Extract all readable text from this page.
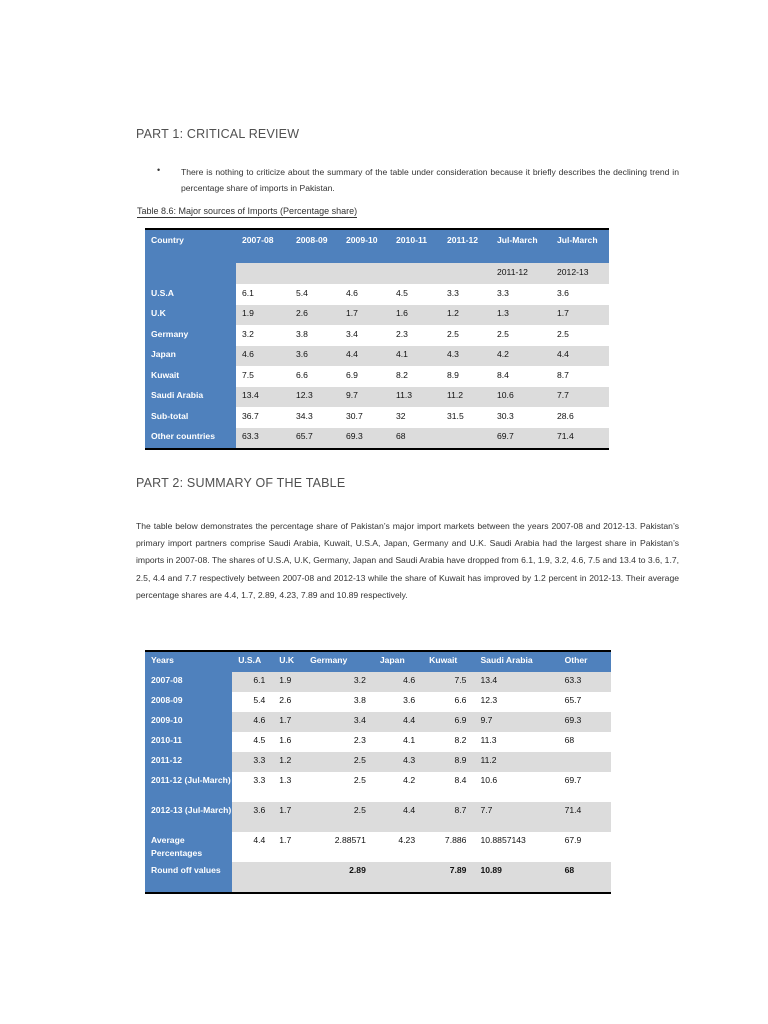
PART 1: CRITICAL REVIEW
• There is nothing to criticize about the summary of the table under consideration because it briefly describes the declining trend in percentage share of imports in Pakistan.
Table 8.6: Major sources of Imports (Percentage share)
Country	2007-08	2008-09	2009-10	2010-11	2011-12	Jul-March	Jul-March
						2011-12	2012-13
U.S.A	6.1	5.4	4.6	4.5	3.3	3.3	3.6
U.K	1.9	2.6	1.7	1.6	1.2	1.3	1.7
Germany	3.2	3.8	3.4	2.3	2.5	2.5	2.5
Japan	4.6	3.6	4.4	4.1	4.3	4.2	4.4
Kuwait	7.5	6.6	6.9	8.2	8.9	8.4	8.7
Saudi Arabia	13.4	12.3	9.7	11.3	11.2	10.6	7.7
Sub-total	36.7	34.3	30.7	32	31.5	30.3	28.6
Other countries	63.3	65.7	69.3	68		69.7	71.4
PART 2: SUMMARY OF THE TABLE

The table below demonstrates the percentage share of Pakistan’s major import markets between the years 2007-08 and 2012-13. Pakistan’s primary import partners comprise Saudi Arabia, Kuwait, U.S.A, Japan, Germany and U.K. Saudi Arabia had the largest share in Pakistan’s imports in 2007-08. The shares of U.S.A, U.K, Germany, Japan and Saudi Arabia have dropped from 6.1, 1.9, 3.2, 4.6, 7.5 and 13.4 to 3.6, 1.7, 2.5, 4.4 and 7.7 respectively between 2007-08 and 2012-13 while the share of Kuwait has improved by 1.2 percent in 2012-13. Their average percentage shares are 4.4, 1.7, 2.89, 4.23, 7.89 and 10.89 respectively.

Years	U.S.A	U.K	Germany	Japan	Kuwait	Saudi Arabia	Other
2007-08	6.1	1.9	3.2	4.6	7.5	13.4	63.3
2008-09	5.4	2.6	3.8	3.6	6.6	12.3	65.7
2009-10	4.6	1.7	3.4	4.4	6.9	9.7	69.3
2010-11	4.5	1.6	2.3	4.1	8.2	11.3	68
2011-12	3.3	1.2	2.5	4.3	8.9	11.2	
2011-12 (Jul-March)	3.3	1.3	2.5	4.2	8.4	10.6	69.7
2012-13 (Jul-March)	3.6	1.7	2.5	4.4	8.7	7.7	71.4
Average Percentages	4.4	1.7	2.88571	4.23	7.886	10.8857143	67.9
Round off values			2.89		7.89	10.89	68
